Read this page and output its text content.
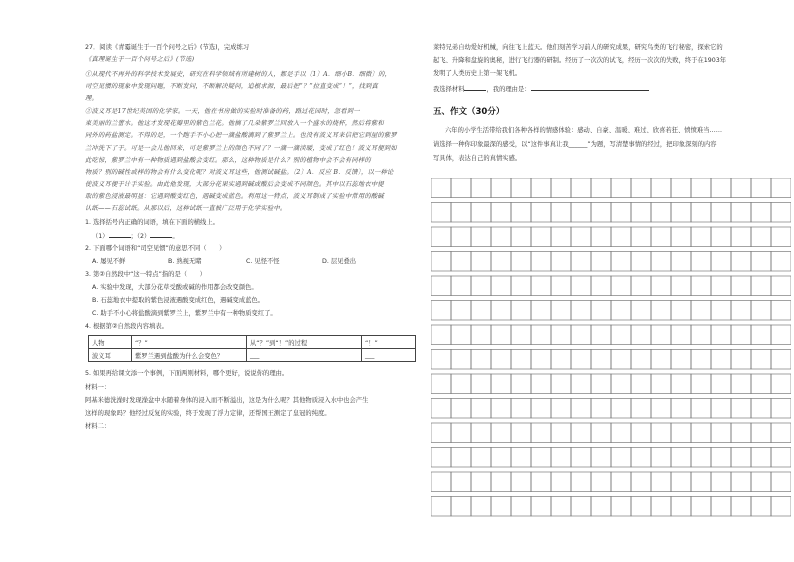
27．阅读《青霉诞生于一百个问号之后》(节选)，完成练习
《真理诞生于一百个问号之后》(节选)
①从现代不再外的科学技术发展史，研究在科学领域有所建树的人，都是手以〔1〕A．细小B．细微〕的，
司空见惯的现象中发现问题，不断发问，不断解决疑问，追根求源，最后把“？”拉直变成“！”，找到真
理。
②波义耳是17世纪英国的化学家。一天，他在书房做的实验时准备的药，路过花园时，忽看到一
束美丽的兰蕾水。他这才发现花瓣里的紫色兰花。他摘了几朵紫罗兰回放入一个盛水的烧杯，然后将紫和
同外的药盐测定。不得的是，一个跑手不小心把一滴盐酸滴到了紫罗兰上。也没有波义耳来信把它到屋的紫罗
兰冲洗下了于。可是一会儿他回来，可是紫罗兰上的颜色不同了？一滴一滴淡暖，变成了红色！波义耳便到如
此吃惊，紫罗兰中有一种物质遇到盐酸会变红。那么，这种物质是什么？别的植物中会不会有同样的
物质？别的碱性或样的物会有什么变化呢？对波义耳这些，他测试碱盐。〔2〕A．反应 B．反馈〕，以一种论
使波义耳便于计手实验。由此他发现，大部分花果实遇到碱或酸后会变成不同颜色。其中以石蕊地衣中提
取的紫色浸液最明显：它遇到酸变红色，遇碱变成蓝色。利用这一特点，波义耳制成了实验中常用的酸碱
认纸——石蕊试纸。从那以后，这种试纸一直被广泛用于化学实验中。
1. 选择括号内正确的词语，填在下面的横线上。
（1）	；（2）	。
2. 下面哪个词语和“司空见惯”的意思不同（　　）
A. 屡见不鲜	B. 熟视无睹	C. 见怪不怪	D. 层见叠出
3. 第②自然段中“这一特点”指的是（　　）
A. 实验中发现，大部分花草受酸或碱的作用都会改变颜色。
B. 石蕊地衣中提取的紫色浸液遇酸变成红色，遇碱变成蓝色。
C. 助手不小心将盐酸滴到紫罗兰上，紫罗兰中有一种物质变红了。
4. 根据第②自然段内容填表。
人物	“？”	从“？”到“！”的过程	“！”
波义耳	紫罗兰遇到盐酸为什么会变色？	___	___
5. 如果再给课文添一个事例，下面两则材料，哪个更好，说说你的理由。
材料一：
阿基米德洗澡时发现澡盆中水随着身体的浸入而不断溢出，这是为什么呢？其他物质浸入水中也会产生
这样的现象吗？他经过反复的实验，终于发现了浮力定律，还帮国王测定了皇冠的纯度。
材料二：
莱特兄弟自幼爱好机械，向往飞上蓝天。他们刻苦学习前人的研究成果，研究鸟类的飞行秘密，探索它的
起飞、升降和盘旋的奥秘，进行飞行器的研制。经历了一次次的试飞，经历一次次的失败，终于在1903年
发明了人类历史上第一架飞机。
我选择材料	，我的理由是：
五、作文（30分）
六年的小学生活带给我们各种各样的情感体验：感动、自豪、温暖、难过、欣喜若狂、愤愤难当……
请选择一种你印象最深的感受，以“这件事真让我______”为题，写清楚事情的经过，把印象深刻的内容
写具体，表达自己的真情实感。
